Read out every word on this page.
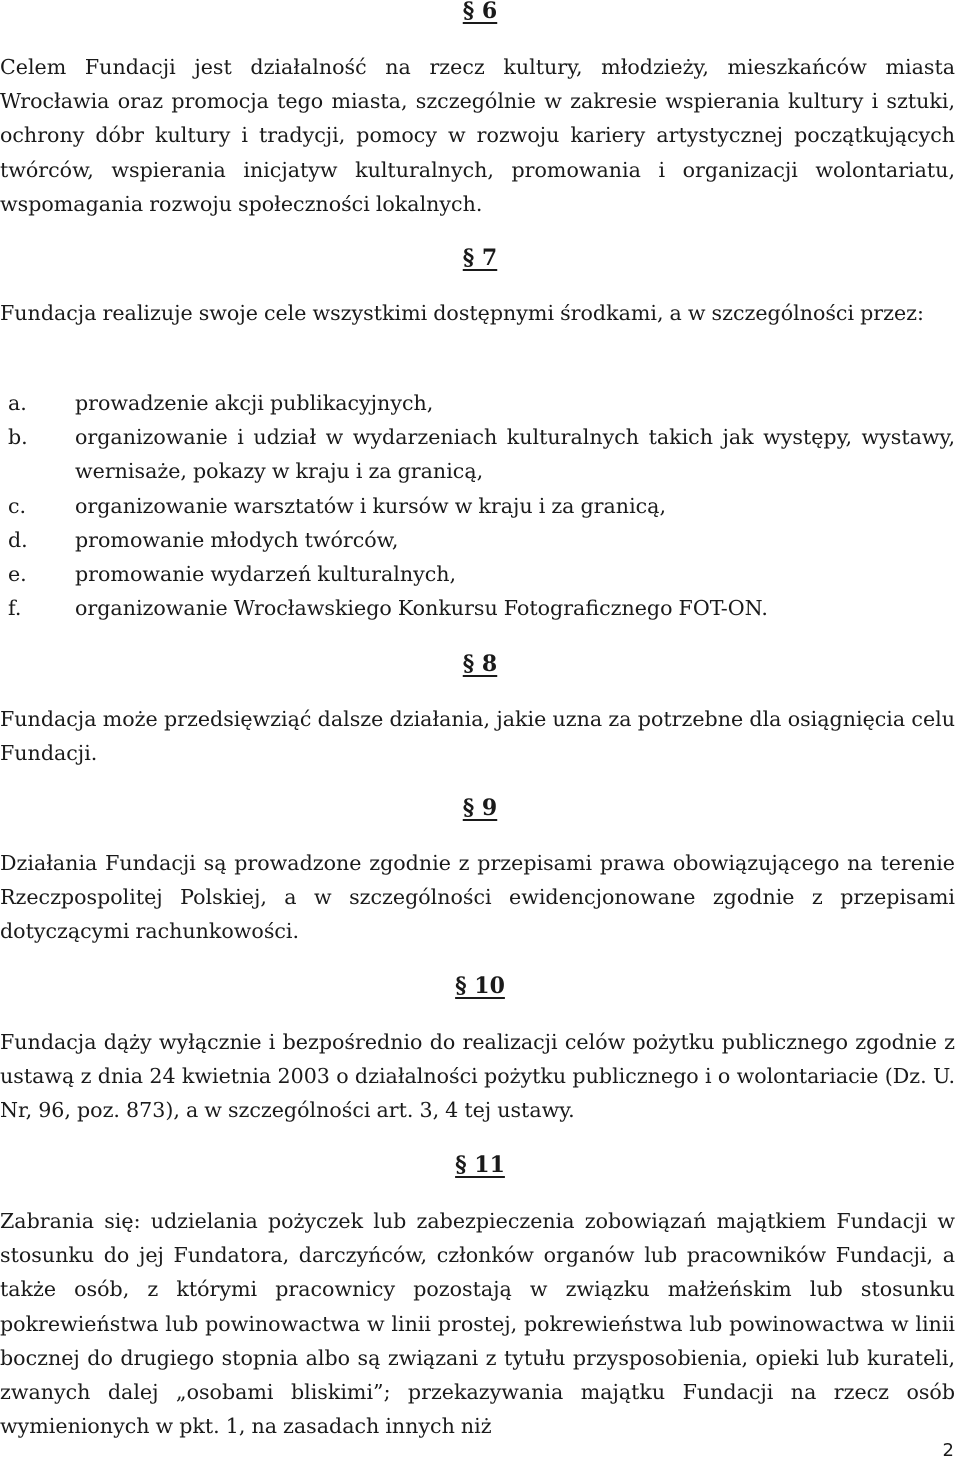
§ 6

Celem Fundacji jest działalność na rzecz kultury, młodzieży, mieszkańców miasta Wrocławia oraz promocja tego miasta, szczególnie w zakresie wspierania kultury i sztuki, ochrony dóbr kultury i tradycji, pomocy w rozwoju kariery artystycznej początkujących twórców, wspierania inicjatyw kulturalnych, promowania i organizacji wolontariatu, wspomagania rozwoju społeczności lokalnych.

§ 7

Fundacja realizuje swoje cele wszystkimi dostępnymi środkami, a w szczególności przez:

a. prowadzenie akcji publikacyjnych,
b. organizowanie i udział w wydarzeniach kulturalnych takich jak występy, wystawy, wernisaże, pokazy w kraju i za granicą,
c. organizowanie warsztatów i kursów w kraju i za granicą,
d. promowanie młodych twórców,
e. promowanie wydarzeń kulturalnych,
f.	organizowanie Wrocławskiego Konkursu Fotograficznego FOT-ON.
§ 8

Fundacja może przedsięwziąć dalsze działania, jakie uzna za potrzebne dla osiągnięcia celu Fundacji.

§ 9

Działania Fundacji są prowadzone zgodnie z przepisami prawa obowiązującego na terenie Rzeczpospolitej Polskiej, a w szczególności ewidencjonowane zgodnie z przepisami dotyczącymi rachunkowości.

§ 10

Fundacja dąży wyłącznie i bezpośrednio do realizacji celów pożytku publicznego zgodnie z ustawą z dnia 24 kwietnia 2003 o działalności pożytku publicznego i o wolontariacie (Dz. U. Nr, 96, poz. 873), a w szczególności art. 3, 4 tej ustawy.

§ 11

Zabrania się: udzielania pożyczek lub zabezpieczenia zobowiązań majątkiem Fundacji w stosunku do jej Fundatora, darczyńców, członków organów lub pracowników Fundacji, a także osób, z którymi pracownicy pozostają w związku małżeńskim lub stosunku pokrewieństwa lub powinowactwa w linii prostej, pokrewieństwa lub powinowactwa w linii bocznej do drugiego stopnia albo są związani z tytułu przysposobienia, opieki lub kurateli, zwanych dalej „osobami bliskimi”; przekazywania majątku Fundacji na rzecz osób wymienionych w pkt. 1, na zasadach innych niż

2
